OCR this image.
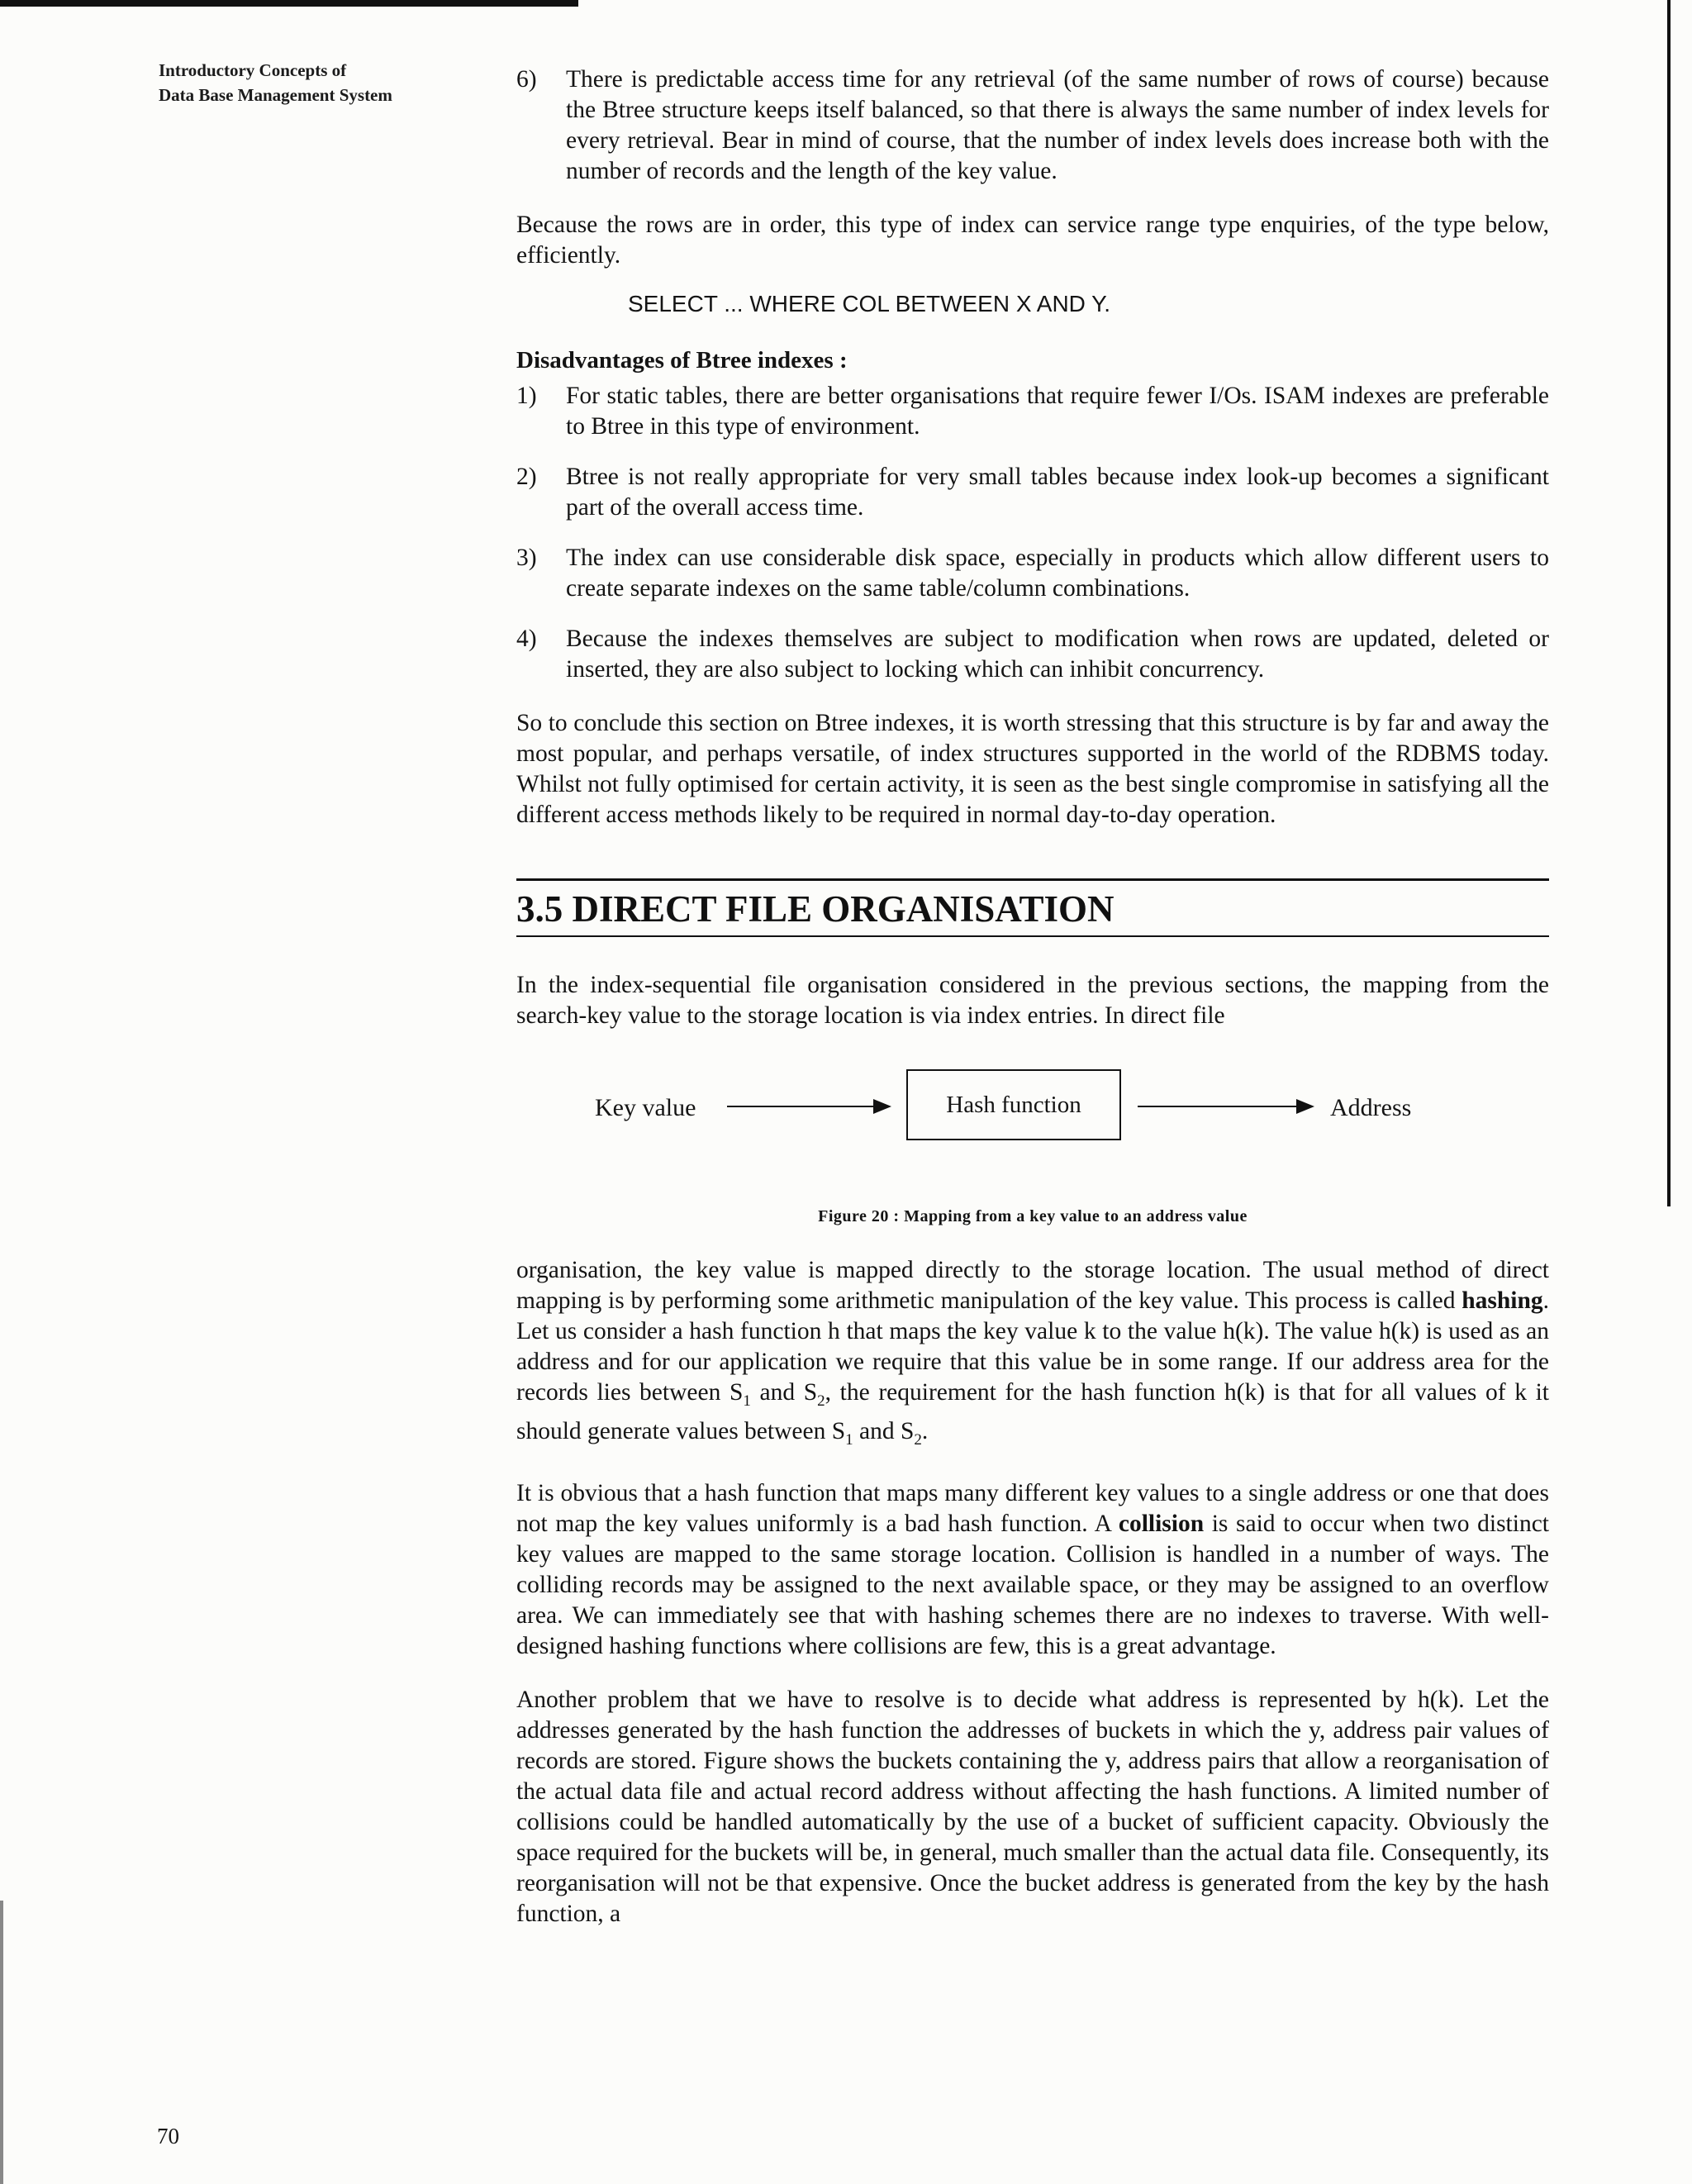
Introductory Concepts of
Data Base Management System
6)	There is predictable access time for any retrieval (of the same number of rows of course) because the Btree structure keeps itself balanced, so that there is always the same number of index levels for every retrieval. Bear in mind of course, that the number of index levels does increase both with the number of records and the length of the key value.

Because the rows are in order, this type of index can service range type enquiries, of the type below, efficiently.

SELECT ... WHERE COL BETWEEN X AND Y.
Disadvantages of Btree indexes :
1)	For static tables, there are better organisations that require fewer I/Os. ISAM indexes are preferable to Btree in this type of environment.
2)	Btree is not really appropriate for very small tables because index look-up becomes a significant part of the overall access time.
3)	The index can use considerable disk space, especially in products which allow different users to create separate indexes on the same table/column combinations.
4)	Because the indexes themselves are subject to modification when rows are updated, deleted or inserted, they are also subject to locking which can inhibit concurrency.

So to conclude this section on Btree indexes, it is worth stressing that this structure is by far and away the most popular, and perhaps versatile, of index structures supported in the world of the RDBMS today. Whilst not fully optimised for certain activity, it is seen as the best single compromise in satisfying all the different access methods likely to be required in normal day-to-day operation.

3.5 DIRECT FILE ORGANISATION

In the index-sequential file organisation considered in the previous sections, the mapping from the search-key value to the storage location is via index entries. In direct file

Key value	Hash function	Address
Figure 20 : Mapping from a key value to an address value

organisation, the key value is mapped directly to the storage location. The usual method of direct mapping is by performing some arithmetic manipulation of the key value. This process is called hashing. Let us consider a hash function h that maps the key value k to the value h(k). The value h(k) is used as an address and for our application we require that this value be in some range. If our address area for the records lies between $S_1$ and $S_2$, the requirement for the hash function h(k) is that for all values of k it should generate values between $S_1$ and $S_2$.

It is obvious that a hash function that maps many different key values to a single address or one that does not map the key values uniformly is a bad hash function. A collision is said to occur when two distinct key values are mapped to the same storage location. Collision is handled in a number of ways. The colliding records may be assigned to the next available space, or they may be assigned to an overflow area. We can immediately see that with hashing schemes there are no indexes to traverse. With well-designed hashing functions where collisions are few, this is a great advantage.

Another problem that we have to resolve is to decide what address is represented by h(k). Let the addresses generated by the hash function the addresses of buckets in which the y, address pair values of records are stored. Figure shows the buckets containing the y, address pairs that allow a reorganisation of the actual data file and actual record address without affecting the hash functions. A limited number of collisions could be handled automatically by the use of a bucket of sufficient capacity. Obviously the space required for the buckets will be, in general, much smaller than the actual data file. Consequently, its reorganisation will not be that expensive. Once the bucket address is generated from the key by the hash function, a

70
